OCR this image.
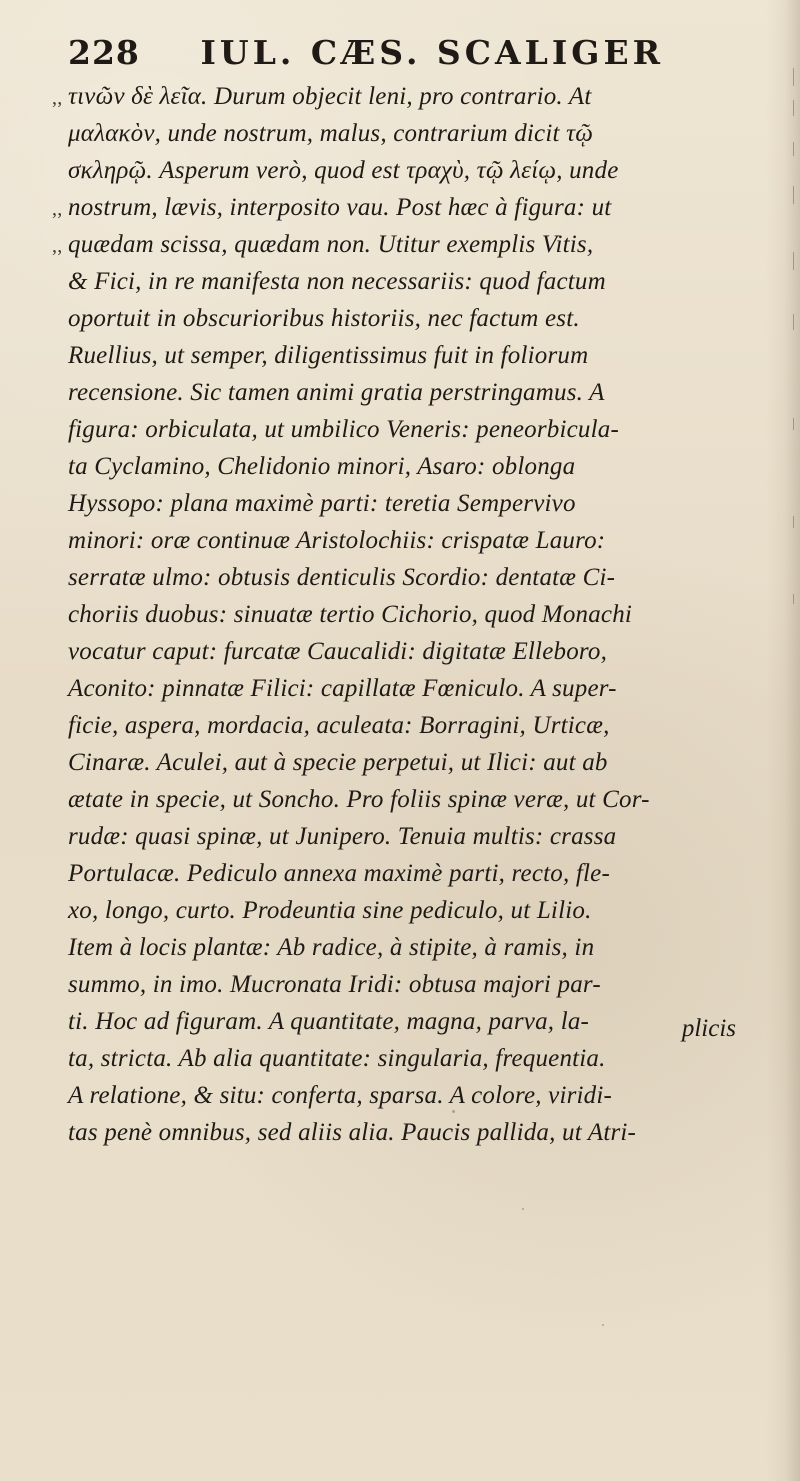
228 IUL. CÆS. SCALIGER
,, τινῶν δὲ λεῖα. Durum objecit leni, pro contrario. At
μαλακὸν, unde nostrum, malus, contrarium dicit τῷ
σκληρῷ. Asperum verò, quod est τραχὺ, τῷ λείῳ, unde
,, nostrum, lævis, interposito vau. Post hæc à figura: ut
,, quædam scissa, quædam non. Utitur exemplis Vitis,
& Fici, in re manifesta non necessariis: quod factum
oportuit in obscurioribus historiis, nec factum est.
Ruellius, ut semper, diligentissimus fuit in foliorum
recensione. Sic tamen animi gratia perstringamus. A
figura: orbiculata, ut umbilico Veneris: peneorbicula-
ta Cyclamino, Chelidonio minori, Asaro: oblonga
Hyssopo: plana maximè parti: teretia Sempervivo
minori: oræ continuæ Aristolochiis: crispatæ Lauro:
serratæ ulmo: obtusis denticulis Scordio: dentatæ Ci-
choriis duobus: sinuatæ tertio Cichorio, quod Monachi
vocatur caput: furcatæ Caucalidi: digitatæ Elleboro,
Aconito: pinnatæ Filici: capillatæ Fœniculo. A super-
ficie, aspera, mordacia, aculeata: Borragini, Urticæ,
Cinaræ. Aculei, aut à specie perpetui, ut Ilici: aut ab
ætate in specie, ut Soncho. Pro foliis spinæ veræ, ut Cor-
rudæ: quasi spinæ, ut Junipero. Tenuia multis: crassa
Portulacæ. Pediculo annexa maximè parti, recto, fle-
xo, longo, curto. Prodeuntia sine pediculo, ut Lilio.
Item à locis plantæ: Ab radice, à stipite, à ramis, in
summo, in imo. Mucronata Iridi: obtusa majori par-
ti. Hoc ad figuram. A quantitate, magna, parva, la-
ta, stricta. Ab alia quantitate: singularia, frequentia.
A relatione, & situ: conferta, sparsa. A colore, viridi-
tas penè omnibus, sed aliis alia. Paucis pallida, ut Atri-
plicis
